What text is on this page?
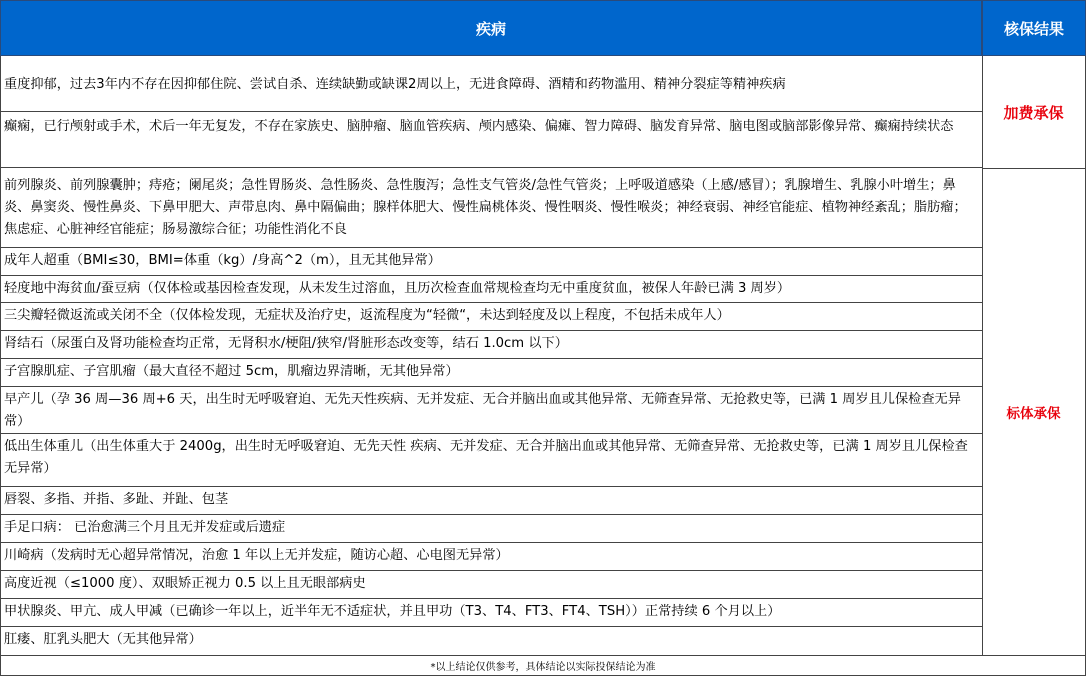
疾病	核保结果
重度抑郁，过去3年内不存在因抑郁住院、尝试自杀、连续缺勤或缺课2周以上，无进食障碍、酒精和药物滥用、精神分裂症等精神疾病
癫痫，已行颅射或手术，术后一年无复发，不存在家族史、脑肿瘤、脑血管疾病、颅内感染、偏瘫、智力障碍、脑发育异常、脑电图或脑部影像异常、癫痫持续状态
前列腺炎、前列腺囊肿；痔疮；阑尾炎；急性胃肠炎、急性肠炎、急性腹泻；急性支气管炎/急性气管炎；上呼吸道感染（上感/感冒）；乳腺增生、乳腺小叶增生；鼻炎、鼻窦炎、慢性鼻炎、下鼻甲肥大、声带息肉、鼻中隔偏曲；腺样体肥大、慢性扁桃体炎、慢性咽炎、慢性喉炎；神经衰弱、神经官能症、植物神经紊乱；脂肪瘤；焦虑症、心脏神经官能症；肠易激综合征；功能性消化不良
成年人超重（BMI≤30，BMI=体重（kg）/身高^2（m），且无其他异常）
轻度地中海贫血/蚕豆病（仅体检或基因检查发现，从未发生过溶血，且历次检查血常规检查均无中重度贫血，被保人年龄已满 3 周岁）
三尖瓣轻微返流或关闭不全（仅体检发现，无症状及治疗史，返流程度为“轻微“，未达到轻度及以上程度，不包括未成年人）
肾结石（尿蛋白及肾功能检查均正常，无肾积水/梗阻/狭窄/肾脏形态改变等，结石 1.0cm 以下）
子宫腺肌症、子宫肌瘤（最大直径不超过 5cm，肌瘤边界清晰，无其他异常）
早产儿（孕 36 周—36 周+6 天，出生时无呼吸窘迫、无先天性疾病、无并发症、无合并脑出血或其他异常、无筛查异常、无抢救史等，已满 1 周岁且儿保检查无异常）
低出生体重儿（出生体重大于 2400g，出生时无呼吸窘迫、无先天性 疾病、无并发症、无合并脑出血或其他异常、无筛查异常、无抢救史等，已满 1 周岁且儿保检查无异常）
唇裂、多指、并指、多趾、并趾、包茎
手足口病： 已治愈满三个月且无并发症或后遗症
川崎病（发病时无心超异常情况，治愈 1 年以上无并发症，随访心超、心电图无异常）
高度近视（≤1000 度）、双眼矫正视力 0.5 以上且无眼部病史
甲状腺炎、甲亢、成人甲减（已确诊一年以上，近半年无不适症状，并且甲功（T3、T4、FT3、FT4、TSH））正常持续 6 个月以上）
肛瘘、肛乳头肥大（无其他异常）
加费承保
标体承保
*以上结论仅供参考，具体结论以实际投保结论为准
